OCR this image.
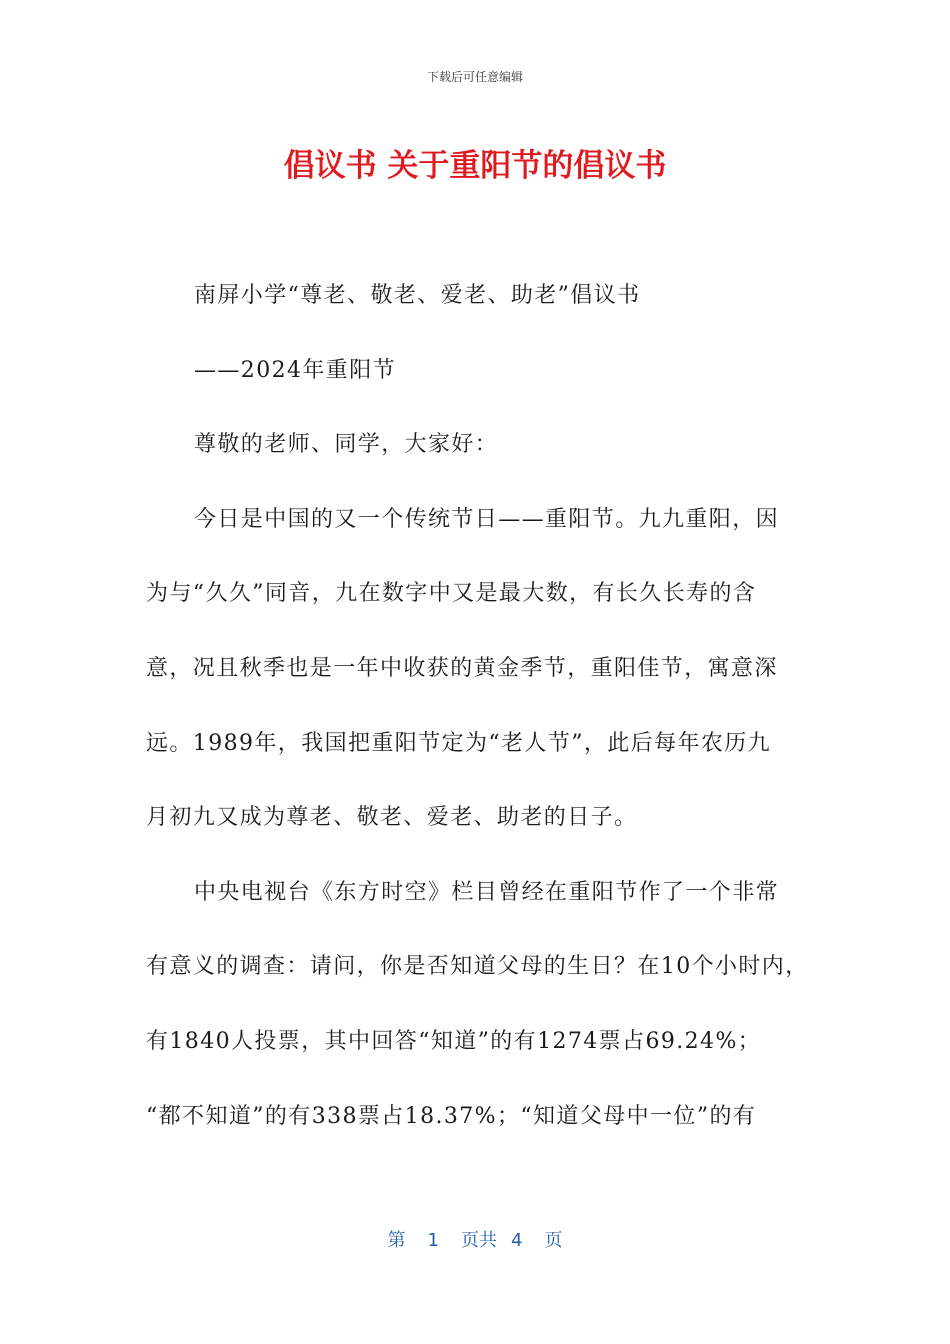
下载后可任意编辑
倡议书 关于重阳节的倡议书
南屏小学“尊老、敬老、爱老、助老”倡议书
——2024年重阳节
尊敬的老师、同学，大家好：
今日是中国的又一个传统节日——重阳节。九九重阳，因
为与“久久”同音，九在数字中又是最大数，有长久长寿的含
意，况且秋季也是一年中收获的黄金季节，重阳佳节，寓意深
远。1989年，我国把重阳节定为“老人节”，此后每年农历九
月初九又成为尊老、敬老、爱老、助老的日子。
中央电视台《东方时空》栏目曾经在重阳节作了一个非常
有意义的调查：请问，你是否知道父母的生日？在10个小时内，
有1840人投票，其中回答“知道”的有1274票占69.24%；
“都不知道”的有338票占18.37%；“知道父母中一位”的有
第 1 页共 4 页
